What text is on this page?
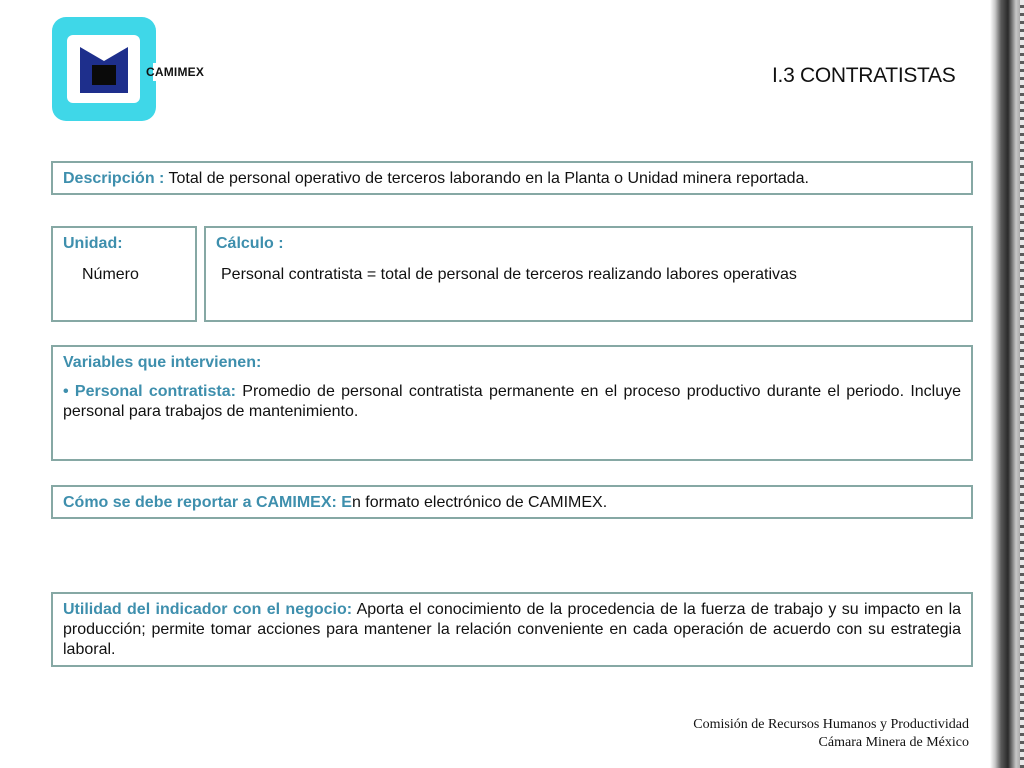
CAMIMEX	I.3 CONTRATISTAS
Descripción : Total de personal operativo de terceros laborando en la Planta o Unidad minera reportada.
Unidad:
Número
Cálculo :
Personal contratista = total de personal de terceros realizando labores operativas
Variables que intervienen:
• Personal contratista: Promedio de personal contratista permanente en el proceso productivo durante el periodo. Incluye personal para trabajos de mantenimiento.
Cómo se debe reportar a CAMIMEX: En formato electrónico de CAMIMEX.
Utilidad del indicador con el negocio: Aporta el conocimiento de la procedencia de la fuerza de trabajo y su impacto en la producción; permite tomar acciones para mantener la relación conveniente en cada operación de acuerdo con su estrategia laboral.
Comisión de Recursos Humanos y Productividad
Cámara Minera de México
